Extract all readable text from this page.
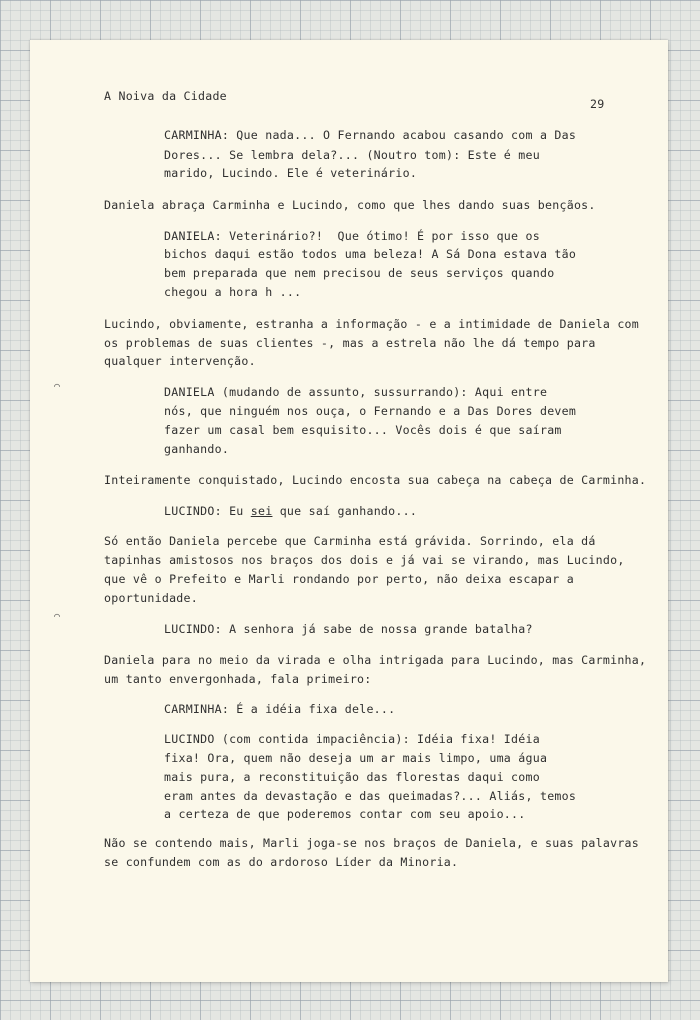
A Noiva da Cidade

29

⌒
⌒

CARMINHA: Que nada... O Fernando acabou casando com a Das

Dores... Se lembra dela?... (Noutro tom): Este é meu

marido, Lucindo. Ele é veterinário.

Daniela abraça Carminha e Lucindo, como que lhes dando suas bençãos.

DANIELA: Veterinário?!  Que ótimo! É por isso que os

bichos daqui estão todos uma beleza! A Sá Dona estava tão

bem preparada que nem precisou de seus serviços quando

chegou a hora h ...

Lucindo, obviamente, estranha a informação - e a intimidade de Daniela com

os problemas de suas clientes -, mas a estrela não lhe dá tempo para

qualquer intervenção.

DANIELA (mudando de assunto, sussurrando): Aqui entre

nós, que ninguém nos ouça, o Fernando e a Das Dores devem

fazer um casal bem esquisito... Vocês dois é que saíram

ganhando.

Inteiramente conquistado, Lucindo encosta sua cabeça na cabeça de Carminha.

LUCINDO: Eu sei que saí ganhando...

Só então Daniela percebe que Carminha está grávida. Sorrindo, ela dá

tapinhas amistosos nos braços dos dois e já vai se virando, mas Lucindo,

que vê o Prefeito e Marli rondando por perto, não deixa escapar a

oportunidade.

LUCINDO: A senhora já sabe de nossa grande batalha?

Daniela para no meio da virada e olha intrigada para Lucindo, mas Carminha,

um tanto envergonhada, fala primeiro:

CARMINHA: É a idéia fixa dele...

LUCINDO (com contida impaciência): Idéia fixa! Idéia

fixa! Ora, quem não deseja um ar mais limpo, uma água

mais pura, a reconstituição das florestas daqui como

eram antes da devastação e das queimadas?... Aliás, temos

a certeza de que poderemos contar com seu apoio...

Não se contendo mais, Marli joga-se nos braços de Daniela, e suas palavras

se confundem com as do ardoroso Líder da Minoria.
